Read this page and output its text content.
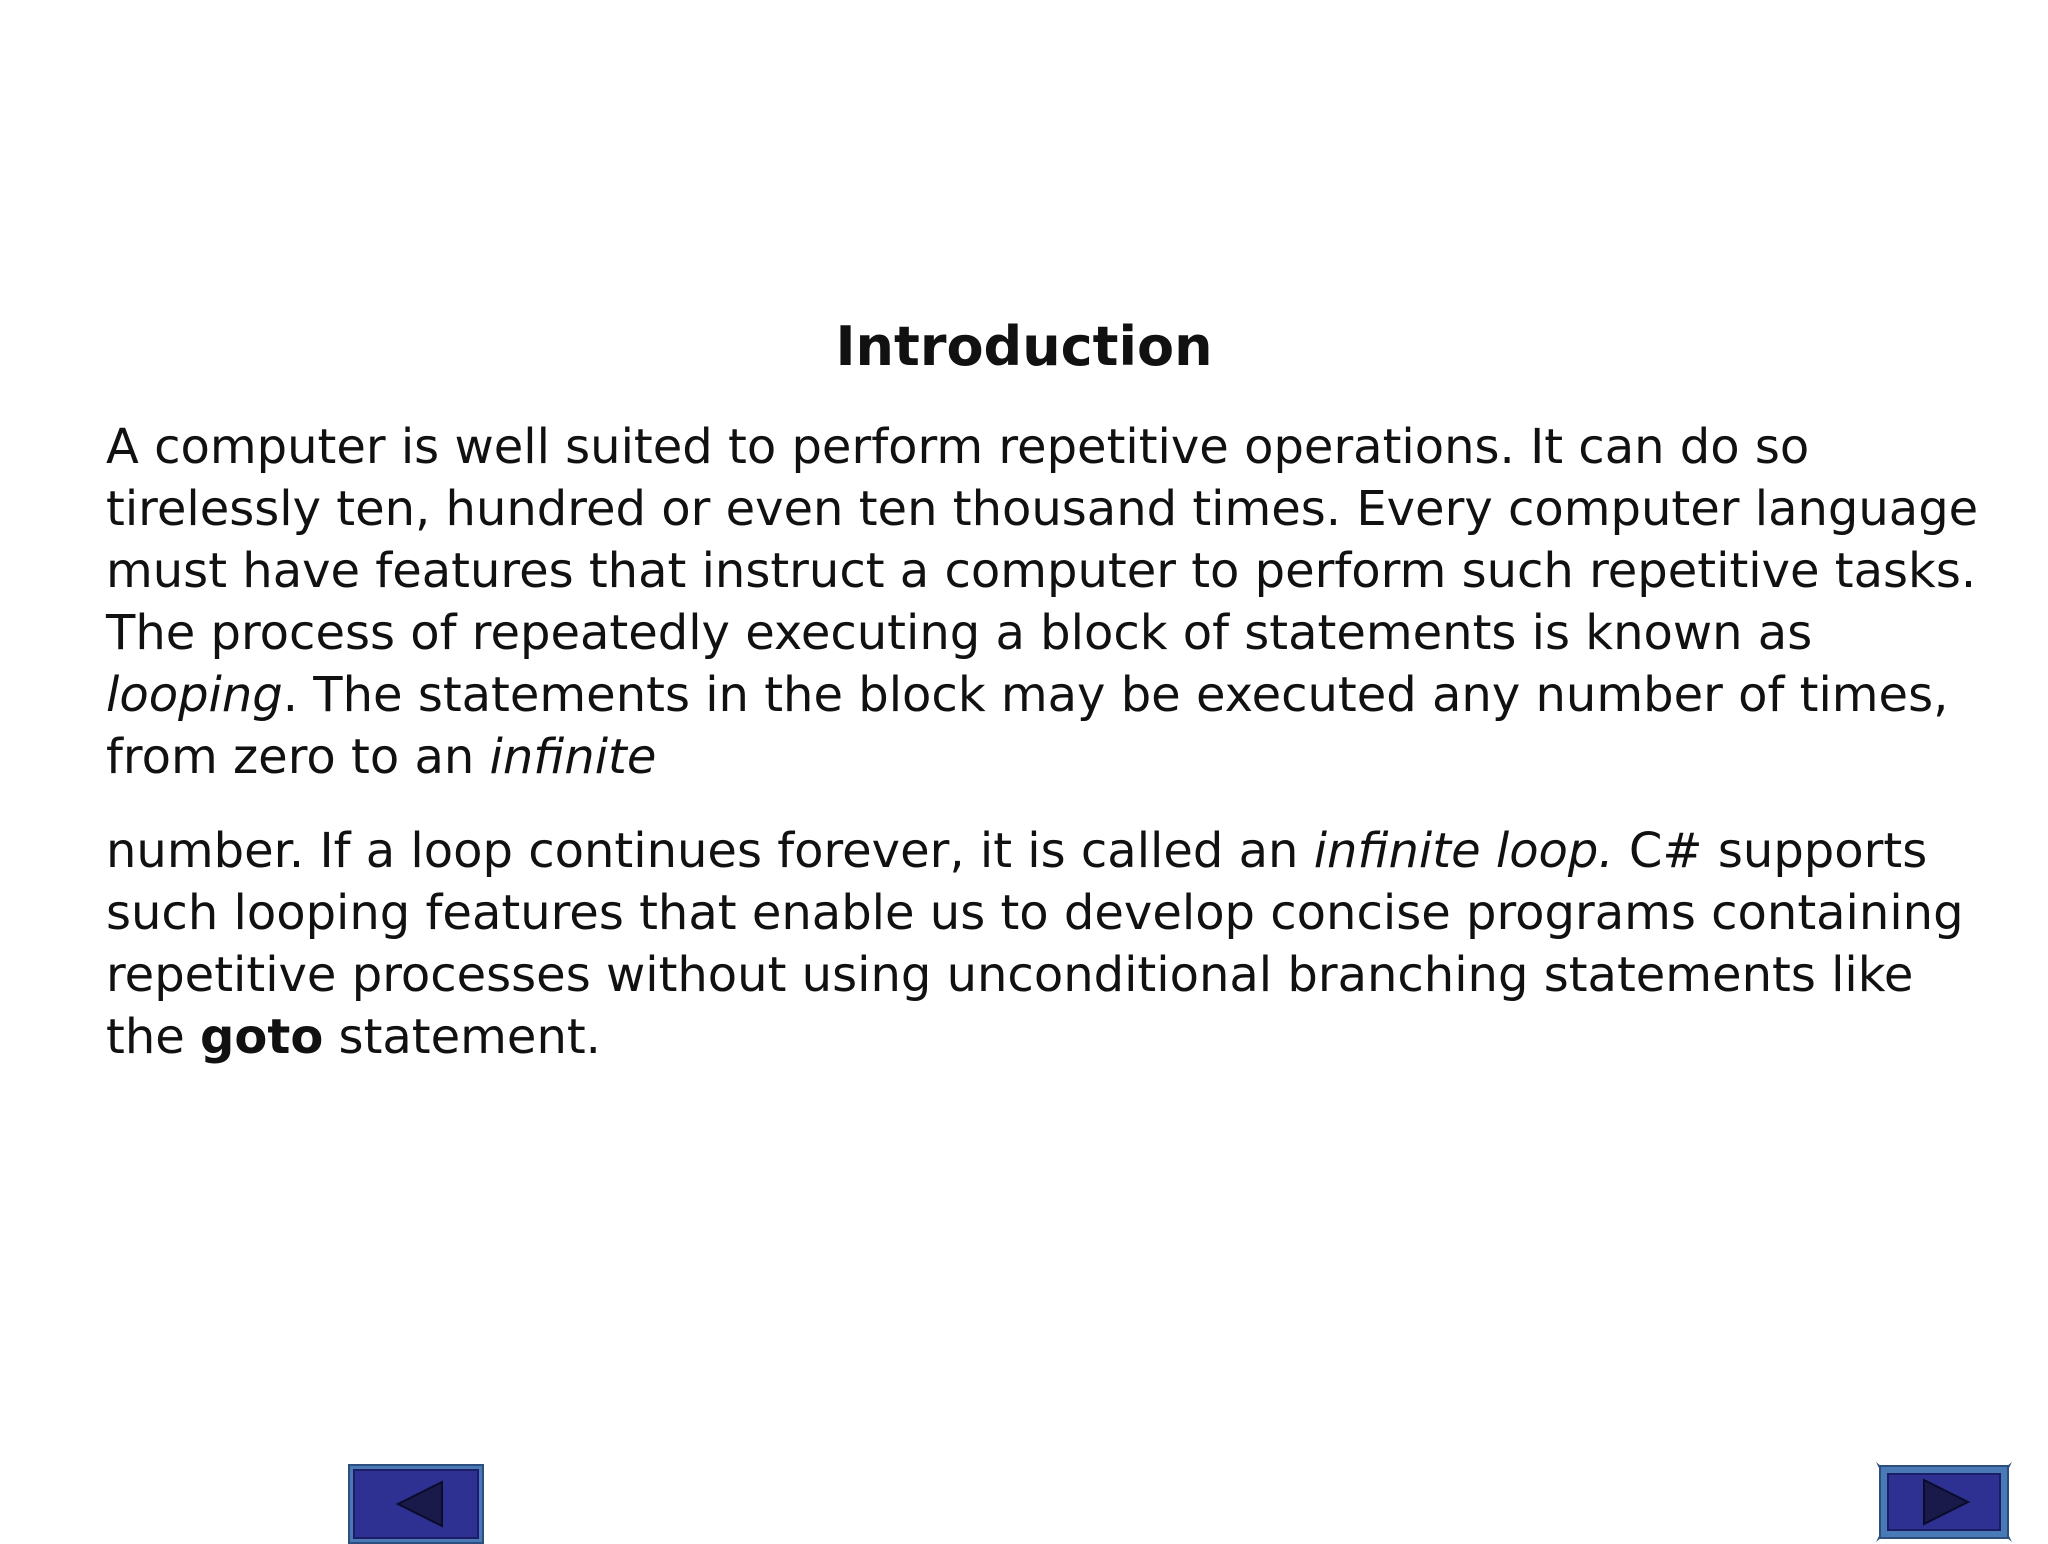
Introduction

A computer is well suited to perform repetitive operations. It can do so
tirelessly ten, hundred or even ten thousand times. Every computer language
must have features that instruct a computer to perform such repetitive tasks.
The process of repeatedly executing a block of statements is known as
looping. The statements in the block may be executed any number of times,
from zero to an infinite

number. If a loop continues forever, it is called an infinite loop. C# supports
such looping features that enable us to develop concise programs containing
repetitive processes without using unconditional branching statements like
the goto statement.
